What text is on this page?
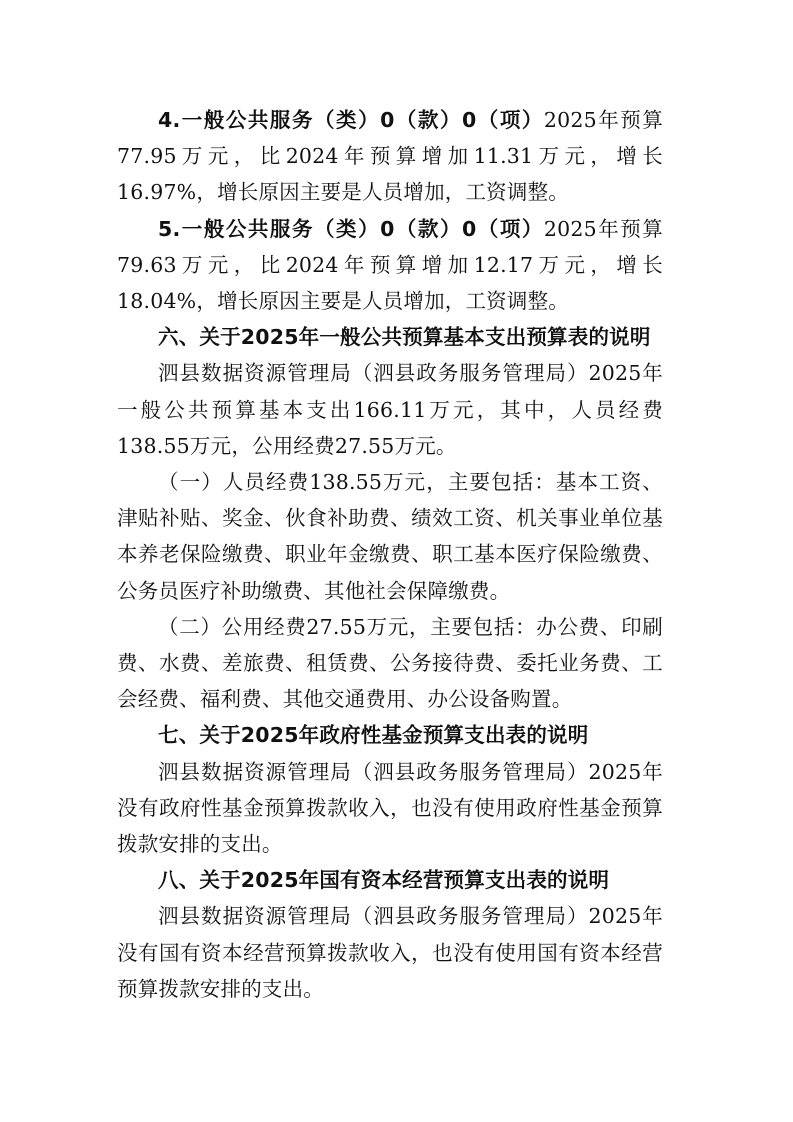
4.一般公共服务（类）0（款）0（项）2025年预算77.95万元，比2024年预算增加11.31万元，增长16.97%，增长原因主要是人员增加，工资调整。

5.一般公共服务（类）0（款）0（项）2025年预算79.63万元，比2024年预算增加12.17万元，增长18.04%，增长原因主要是人员增加，工资调整。

六、关于2025年一般公共预算基本支出预算表的说明

泗县数据资源管理局（泗县政务服务管理局）2025年一般公共预算基本支出166.11万元，其中，人员经费138.55万元，公用经费27.55万元。

（一）人员经费138.55万元，主要包括：基本工资、津贴补贴、奖金、伙食补助费、绩效工资、机关事业单位基本养老保险缴费、职业年金缴费、职工基本医疗保险缴费、公务员医疗补助缴费、其他社会保障缴费。

（二）公用经费27.55万元，主要包括：办公费、印刷费、水费、差旅费、租赁费、公务接待费、委托业务费、工会经费、福利费、其他交通费用、办公设备购置。

七、关于2025年政府性基金预算支出表的说明

泗县数据资源管理局（泗县政务服务管理局）2025年没有政府性基金预算拨款收入，也没有使用政府性基金预算拨款安排的支出。

八、关于2025年国有资本经营预算支出表的说明

泗县数据资源管理局（泗县政务服务管理局）2025年没有国有资本经营预算拨款收入，也没有使用国有资本经营预算拨款安排的支出。
